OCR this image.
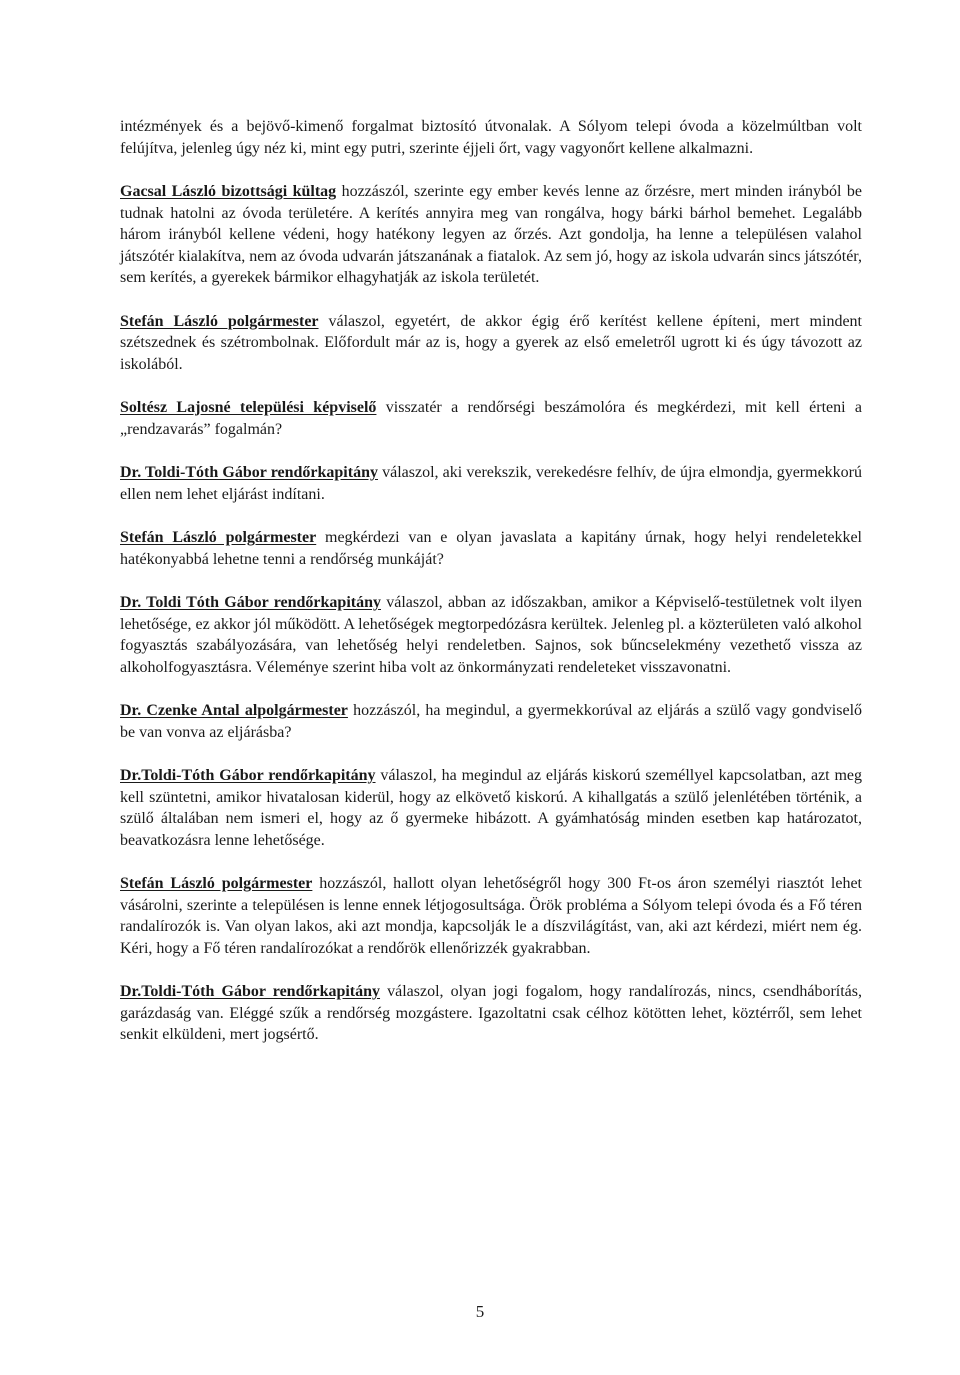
intézmények és a bejövő-kimenő forgalmat biztosító útvonalak. A Sólyom telepi óvoda a közelmúltban volt felújítva, jelenleg úgy néz ki, mint egy putri, szerinte éjjeli őrt, vagy vagyonőrt kellene alkalmazni.

Gacsal László bizottsági kültag hozzászól, szerinte egy ember kevés lenne az őrzésre, mert minden irányból be tudnak hatolni az óvoda területére. A kerítés annyira meg van rongálva, hogy bárki bárhol bemehet. Legalább három irányból kellene védeni, hogy hatékony legyen az őrzés. Azt gondolja, ha lenne a településen valahol játszótér kialakítva, nem az óvoda udvarán játszanának a fiatalok. Az sem jó, hogy az iskola udvarán sincs játszótér, sem kerítés, a gyerekek bármikor elhagyhatják az iskola területét.

Stefán László polgármester válaszol, egyetért, de akkor égig érő kerítést kellene építeni, mert mindent szétszednek és szétrombolnak. Előfordult már az is, hogy a gyerek az első emeletről ugrott ki és úgy távozott az iskolából.

Soltész Lajosné települési képviselő visszatér a rendőrségi beszámolóra és megkérdezi, mit kell érteni a „rendzavarás” fogalmán?

Dr. Toldi-Tóth Gábor rendőrkapitány válaszol, aki verekszik, verekedésre felhív, de újra elmondja, gyermekkorú ellen nem lehet eljárást indítani.

Stefán László polgármester megkérdezi van e olyan javaslata a kapitány úrnak, hogy helyi rendeletekkel hatékonyabbá lehetne tenni a rendőrség munkáját?

Dr. Toldi Tóth Gábor rendőrkapitány válaszol, abban az időszakban, amikor a Képviselő-testületnek volt ilyen lehetősége, ez akkor jól működött. A lehetőségek megtorpedózásra kerültek. Jelenleg pl. a közterületen való alkohol fogyasztás szabályozására, van lehetőség helyi rendeletben. Sajnos, sok bűncselekmény vezethető vissza az alkoholfogyasztásra. Véleménye szerint hiba volt az önkormányzati rendeleteket visszavonatni.

Dr. Czenke Antal alpolgármester hozzászól, ha megindul, a gyermekkorúval az eljárás a szülő vagy gondviselő be van vonva az eljárásba?

Dr.Toldi-Tóth Gábor rendőrkapitány válaszol, ha megindul az eljárás kiskorú személlyel kapcsolatban, azt meg kell szüntetni, amikor hivatalosan kiderül, hogy az elkövető kiskorú. A kihallgatás a szülő jelenlétében történik, a szülő általában nem ismeri el, hogy az ő gyermeke hibázott. A gyámhatóság minden esetben kap határozatot, beavatkozásra lenne lehetősége.

Stefán László polgármester hozzászól, hallott olyan lehetőségről hogy 300 Ft-os áron személyi riasztót lehet vásárolni, szerinte a településen is lenne ennek létjogosultsága. Örök probléma a Sólyom telepi óvoda és a Fő téren randalírozók is. Van olyan lakos, aki azt mondja, kapcsolják le a díszvilágítást, van, aki azt kérdezi, miért nem ég. Kéri, hogy a Fő téren randalírozókat a rendőrök ellenőrizzék gyakrabban.

Dr.Toldi-Tóth Gábor rendőrkapitány válaszol, olyan jogi fogalom, hogy randalírozás, nincs, csendháborítás, garázdaság van. Eléggé szűk a rendőrség mozgástere. Igazoltatni csak célhoz kötötten lehet, köztérről, sem lehet senkit elküldeni, mert jogsértő.

5
